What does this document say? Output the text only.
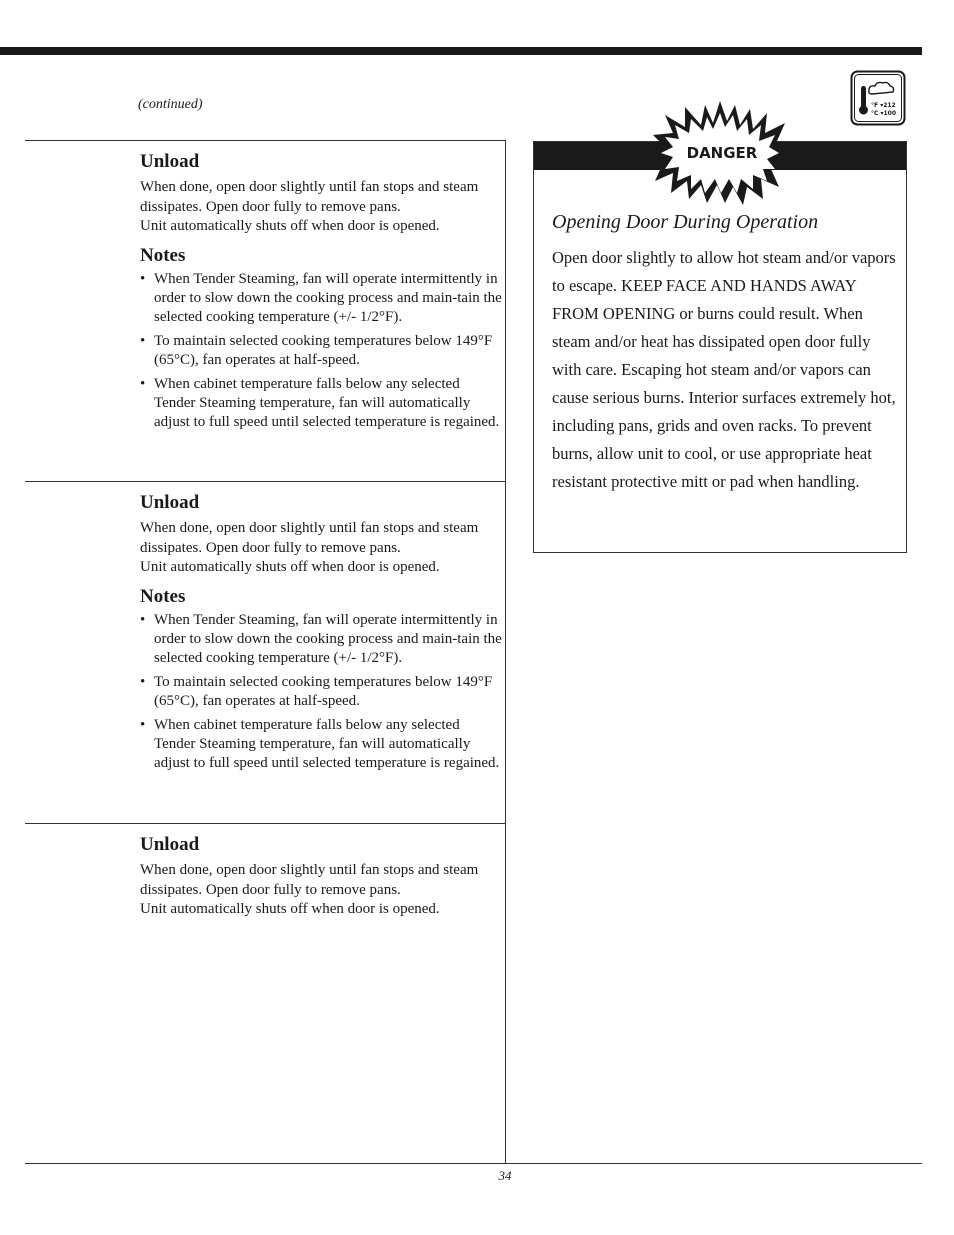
(continued)	°F ▾212
°C ▾100
Unload

When done, open door slightly until fan stops and steam dissipates. Open door fully to remove pans.

Unit automatically shuts off when door is opened.

Notes
• When Tender Steaming, fan will operate intermittently in order to slow down the cooking process and main-tain the selected cooking temperature (+/- 1/2°F).
• To maintain selected cooking temperatures below 149°F (65°C), fan operates at half-speed.
• When cabinet temperature falls below any selected Tender Steaming temperature, fan will automatically adjust to full speed until selected temperature is regained.
Unload

When done, open door slightly until fan stops and steam dissipates. Open door fully to remove pans.

Unit automatically shuts off when door is opened.

Notes
• When Tender Steaming, fan will operate intermittently in order to slow down the cooking process and main-tain the selected cooking temperature (+/- 1/2°F).
• To maintain selected cooking temperatures below 149°F (65°C), fan operates at half-speed.
• When cabinet temperature falls below any selected Tender Steaming temperature, fan will automatically adjust to full speed until selected temperature is regained.
Unload

When done, open door slightly until fan stops and steam dissipates. Open door fully to remove pans.

Unit automatically shuts off when door is opened.

DANGER
Opening Door During Operation

Open door slightly to allow hot steam and/or vapors to escape. KEEP FACE AND HANDS AWAY FROM OPENING or burns could result. When steam and/or heat has dissipated open door fully with care. Escaping hot steam and/or vapors can cause serious burns. Interior surfaces extremely hot, including pans, grids and oven racks. To prevent burns, allow unit to cool, or use appropriate heat resistant protective mitt or pad when handling.

34
